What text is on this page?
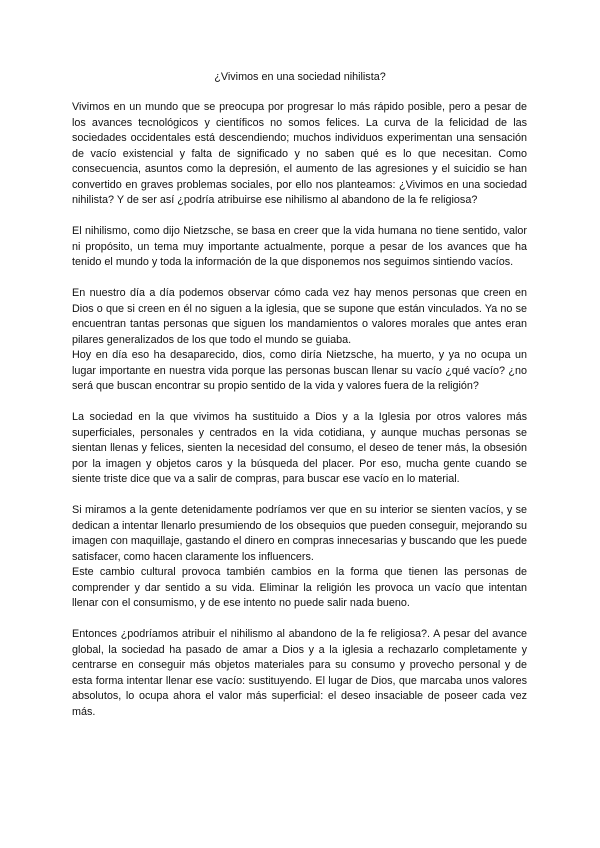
¿Vivimos en una sociedad nihilista?

Vivimos en un mundo que se preocupa por progresar lo más rápido posible, pero a pesar de los avances tecnológicos y científicos no somos felices. La curva de la felicidad de las sociedades occidentales está descendiendo; muchos individuos experimentan una sensación de vacío existencial y falta de significado y no saben qué es lo que necesitan. Como consecuencia, asuntos como la depresión, el aumento de las agresiones y el suicidio se han convertido en graves problemas sociales, por ello nos planteamos: ¿Vivimos en una sociedad nihilista? Y de ser así ¿podría atribuirse ese nihilismo al abandono de la fe religiosa?

El nihilismo, como dijo Nietzsche, se basa en creer que la vida humana no tiene sentido, valor ni propósito, un tema muy importante actualmente, porque a pesar de los avances que ha tenido el mundo y toda la información de la que disponemos nos seguimos sintiendo vacíos.

En nuestro día a día podemos observar cómo cada vez hay menos personas que creen en Dios o que si creen en él no siguen a la iglesia, que se supone que están vinculados. Ya no se encuentran tantas personas que siguen los mandamientos o valores morales que antes eran pilares generalizados de los que todo el mundo se guiaba.

Hoy en día eso ha desaparecido, dios, como diría Nietzsche, ha muerto, y ya no ocupa un lugar importante en nuestra vida porque las personas buscan llenar su vacío ¿qué vacío? ¿no será que buscan encontrar su propio sentido de la vida y valores fuera de la religión?

La sociedad en la que vivimos ha sustituido a Dios y a la Iglesia por otros valores más superficiales, personales y centrados en la vida cotidiana, y aunque muchas personas se sientan llenas y felices, sienten la necesidad del consumo, el deseo de tener más, la obsesión por la imagen y objetos caros y la búsqueda del placer. Por eso, mucha gente cuando se siente triste dice que va a salir de compras, para buscar ese vacío en lo material.

Si miramos a la gente detenidamente podríamos ver que en su interior se sienten vacíos, y se dedican a intentar llenarlo presumiendo de los obsequios que pueden conseguir, mejorando su imagen con maquillaje, gastando el dinero en compras innecesarias y buscando que les puede satisfacer, como hacen claramente los influencers.

Este cambio cultural provoca también cambios en la forma que tienen las personas de comprender y dar sentido a su vida. Eliminar la religión les provoca un vacío que intentan llenar con el consumismo, y de ese intento no puede salir nada bueno.

Entonces ¿podríamos atribuir el nihilismo al abandono de la fe religiosa?. A pesar del avance global, la sociedad ha pasado de amar a Dios y a la iglesia a rechazarlo completamente y centrarse en conseguir más objetos materiales para su consumo y provecho personal y de esta forma intentar llenar ese vacío: sustituyendo. El lugar de Dios, que marcaba unos valores absolutos, lo ocupa ahora el valor más superficial: el deseo insaciable de poseer cada vez más.
